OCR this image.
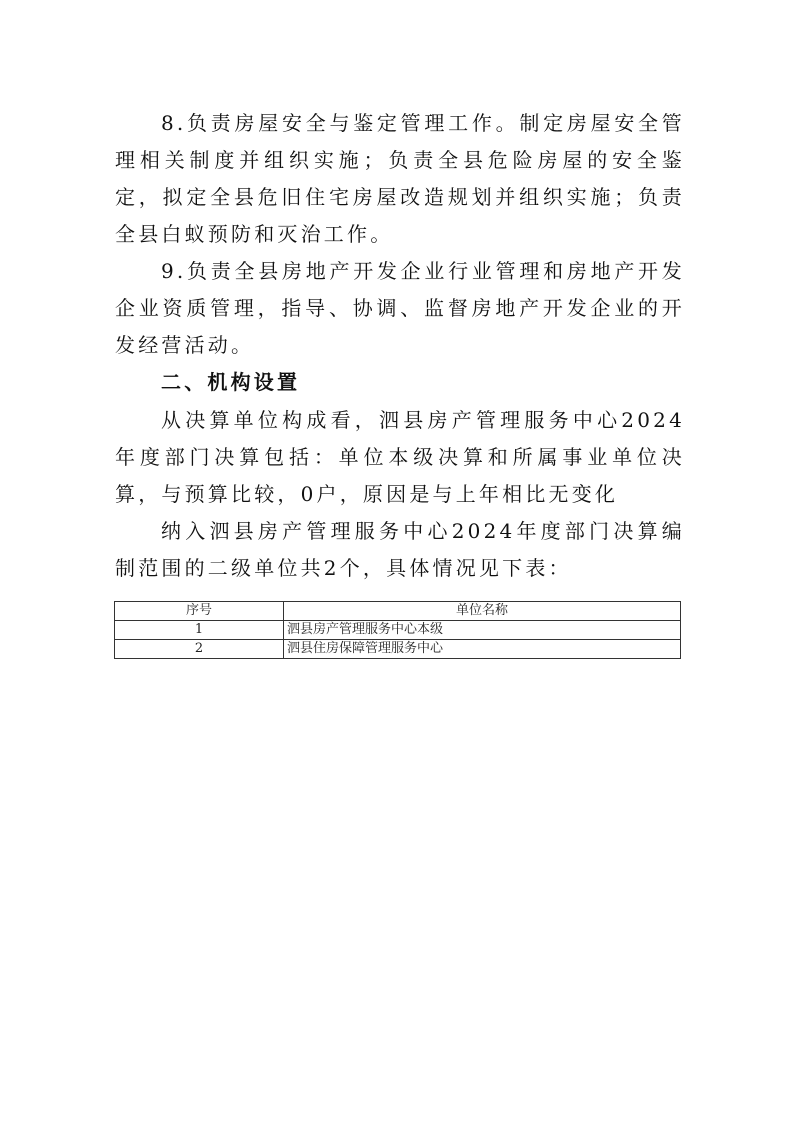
8.负责房屋安全与鉴定管理工作。制定房屋安全管理相关制度并组织实施；负责全县危险房屋的安全鉴定，拟定全县危旧住宅房屋改造规划并组织实施；负责全县白蚁预防和灭治工作。

9.负责全县房地产开发企业行业管理和房地产开发企业资质管理，指导、协调、监督房地产开发企业的开发经营活动。

二、机构设置

从决算单位构成看，泗县房产管理服务中心2024年度部门决算包括：单位本级决算和所属事业单位决算，与预算比较，0户，原因是与上年相比无变化

纳入泗县房产管理服务中心2024年度部门决算编制范围的二级单位共2个，具体情况见下表：

序号	单位名称
1	泗县房产管理服务中心本级
2	泗县住房保障管理服务中心
